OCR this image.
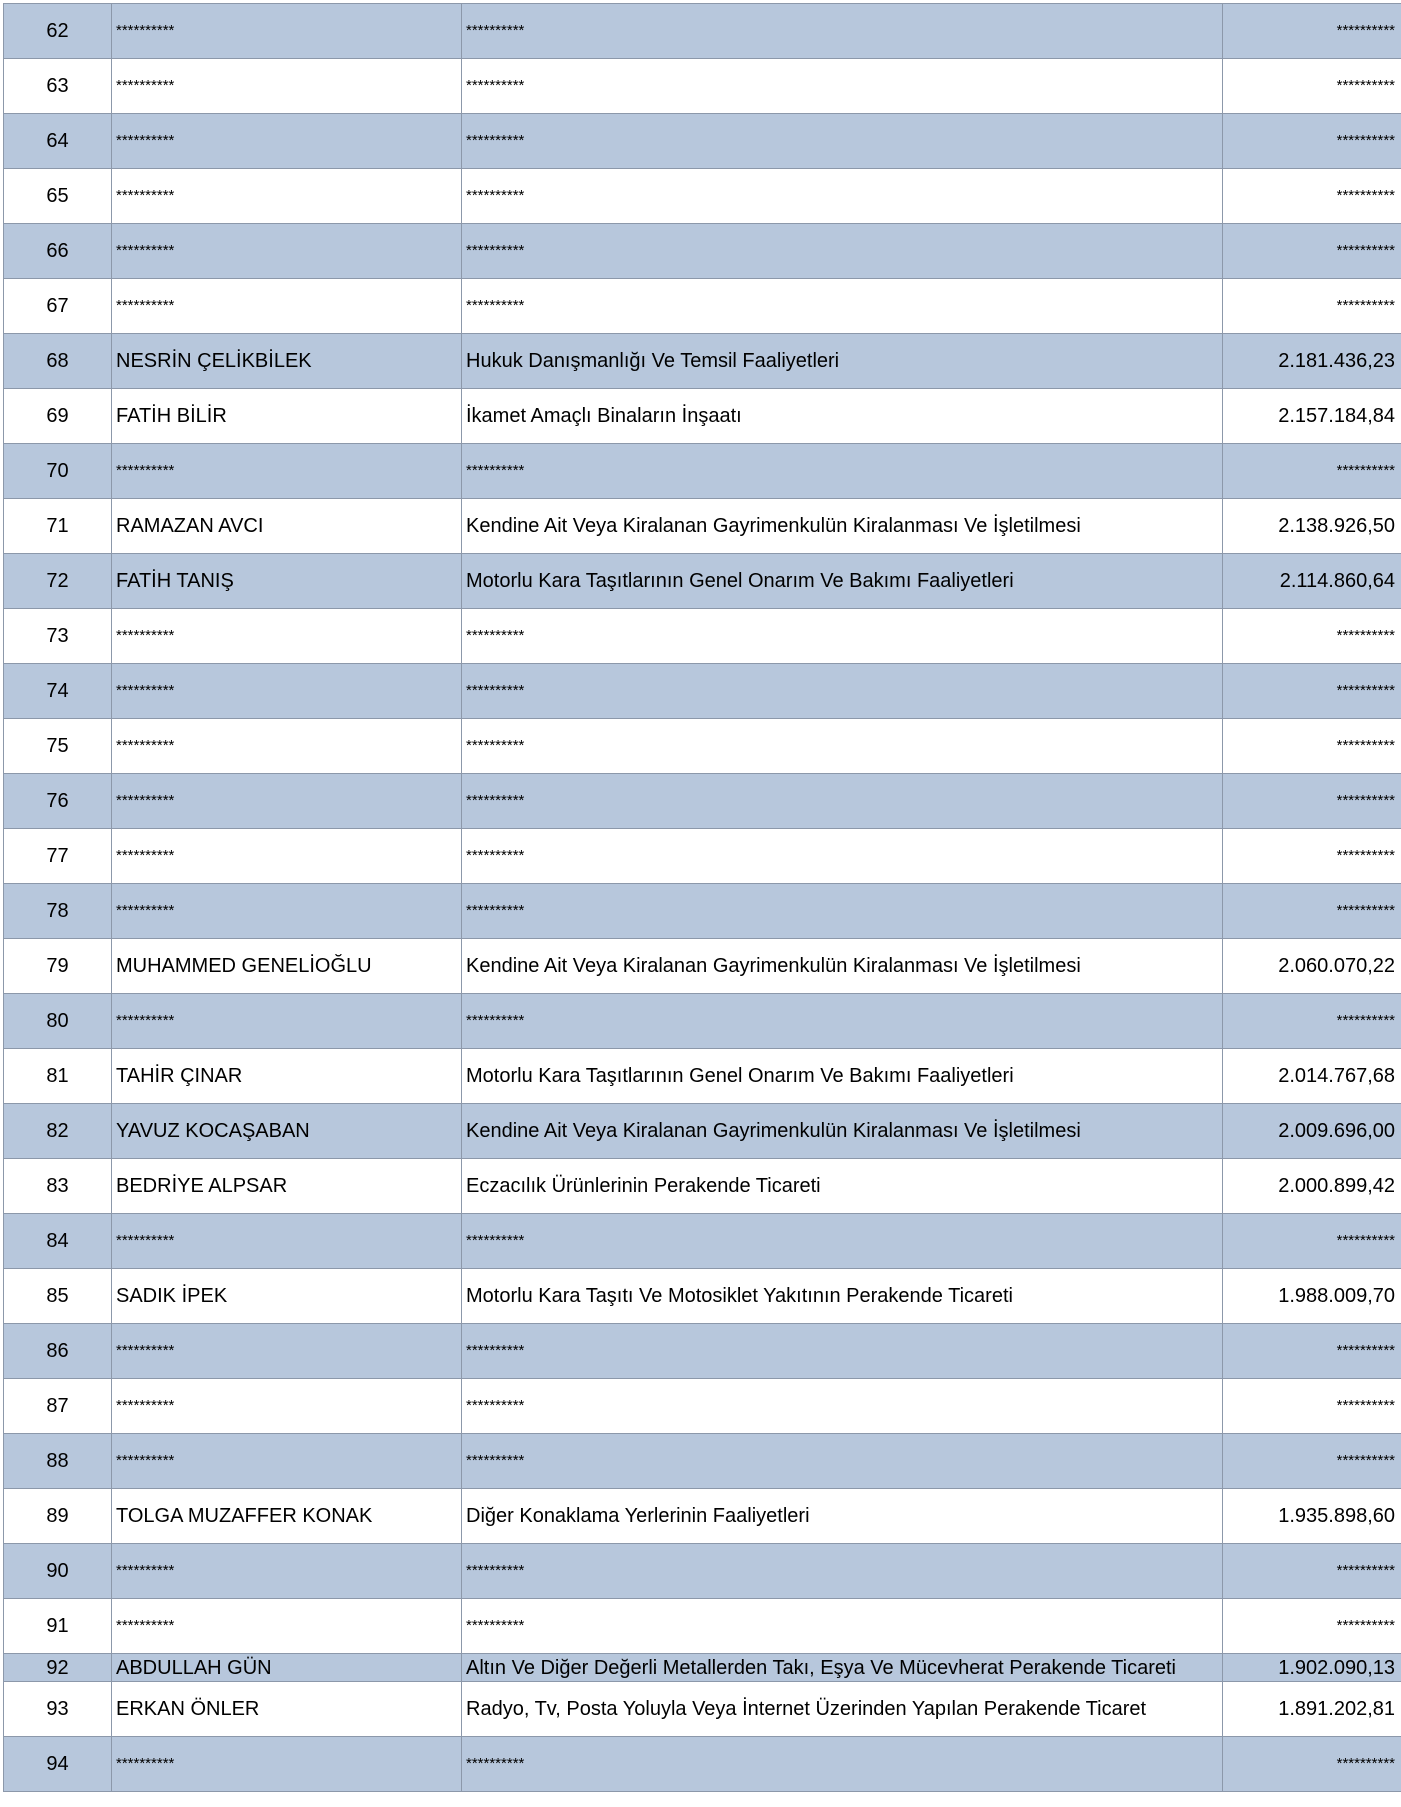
62	**********	**********	**********
63	**********	**********	**********
64	**********	**********	**********
65	**********	**********	**********
66	**********	**********	**********
67	**********	**********	**********
68	NESRİN ÇELİKBİLEK	Hukuk Danışmanlığı Ve Temsil Faaliyetleri	2.181.436,23
69	FATİH BİLİR	İkamet Amaçlı Binaların İnşaatı	2.157.184,84
70	**********	**********	**********
71	RAMAZAN AVCI	Kendine Ait Veya Kiralanan Gayrimenkulün Kiralanması Ve İşletilmesi	2.138.926,50
72	FATİH TANIŞ	Motorlu Kara Taşıtlarının Genel Onarım Ve Bakımı Faaliyetleri	2.114.860,64
73	**********	**********	**********
74	**********	**********	**********
75	**********	**********	**********
76	**********	**********	**********
77	**********	**********	**********
78	**********	**********	**********
79	MUHAMMED GENELİOĞLU	Kendine Ait Veya Kiralanan Gayrimenkulün Kiralanması Ve İşletilmesi	2.060.070,22
80	**********	**********	**********
81	TAHİR ÇINAR	Motorlu Kara Taşıtlarının Genel Onarım Ve Bakımı Faaliyetleri	2.014.767,68
82	YAVUZ KOCAŞABAN	Kendine Ait Veya Kiralanan Gayrimenkulün Kiralanması Ve İşletilmesi	2.009.696,00
83	BEDRİYE ALPSAR	Eczacılık Ürünlerinin Perakende Ticareti	2.000.899,42
84	**********	**********	**********
85	SADIK İPEK	Motorlu Kara Taşıtı Ve Motosiklet Yakıtının Perakende Ticareti	1.988.009,70
86	**********	**********	**********
87	**********	**********	**********
88	**********	**********	**********
89	TOLGA MUZAFFER KONAK	Diğer Konaklama Yerlerinin Faaliyetleri	1.935.898,60
90	**********	**********	**********
91	**********	**********	**********
92	ABDULLAH GÜN	Altın Ve Diğer Değerli Metallerden Takı, Eşya Ve Mücevherat Perakende Ticareti	1.902.090,13
93	ERKAN ÖNLER	Radyo, Tv, Posta Yoluyla Veya İnternet Üzerinden Yapılan Perakende Ticaret	1.891.202,81
94	**********	**********	**********
